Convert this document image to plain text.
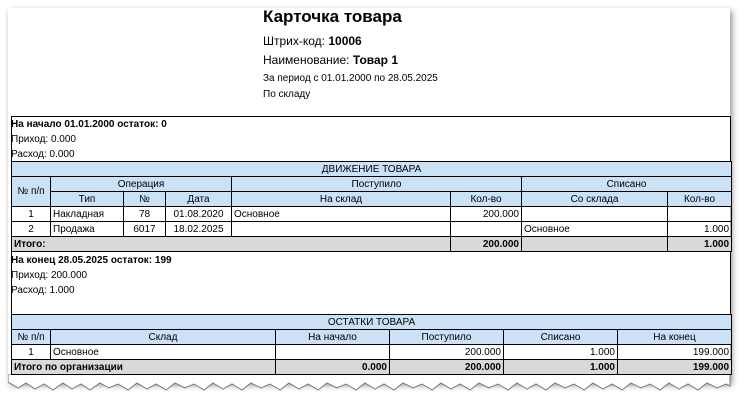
Карточка товара
Штрих-код: 10006
Наименование: Товар 1
За период с 01.01.2000 по 28.05.2025
По складу
На начало 01.01.2000 остаток: 0
Приход: 0.000
Расход: 0.000
ДВИЖЕНИЕ ТОВАРА							
№ п/п	Операция			Поступило		Списано	
	Тип	№	Дата	На склад	Кол-во	Со склада	Кол-во
1	Накладная	78	01.08.2020	Основное	200.000		
2	Продажа	6017	18.02.2025			Основное	1.000
Итого:					200.000		1.000
На конец 28.05.2025 остаток: 199
Приход: 200.000
Расход: 1.000
ОСТАТКИ ТОВАРА					
№ п/п	Склад	На начало	Поступило	Списано	На конец
1	Основное		200.000	1.000	199.000
Итого по организации		0.000	200.000	1.000	199.000
